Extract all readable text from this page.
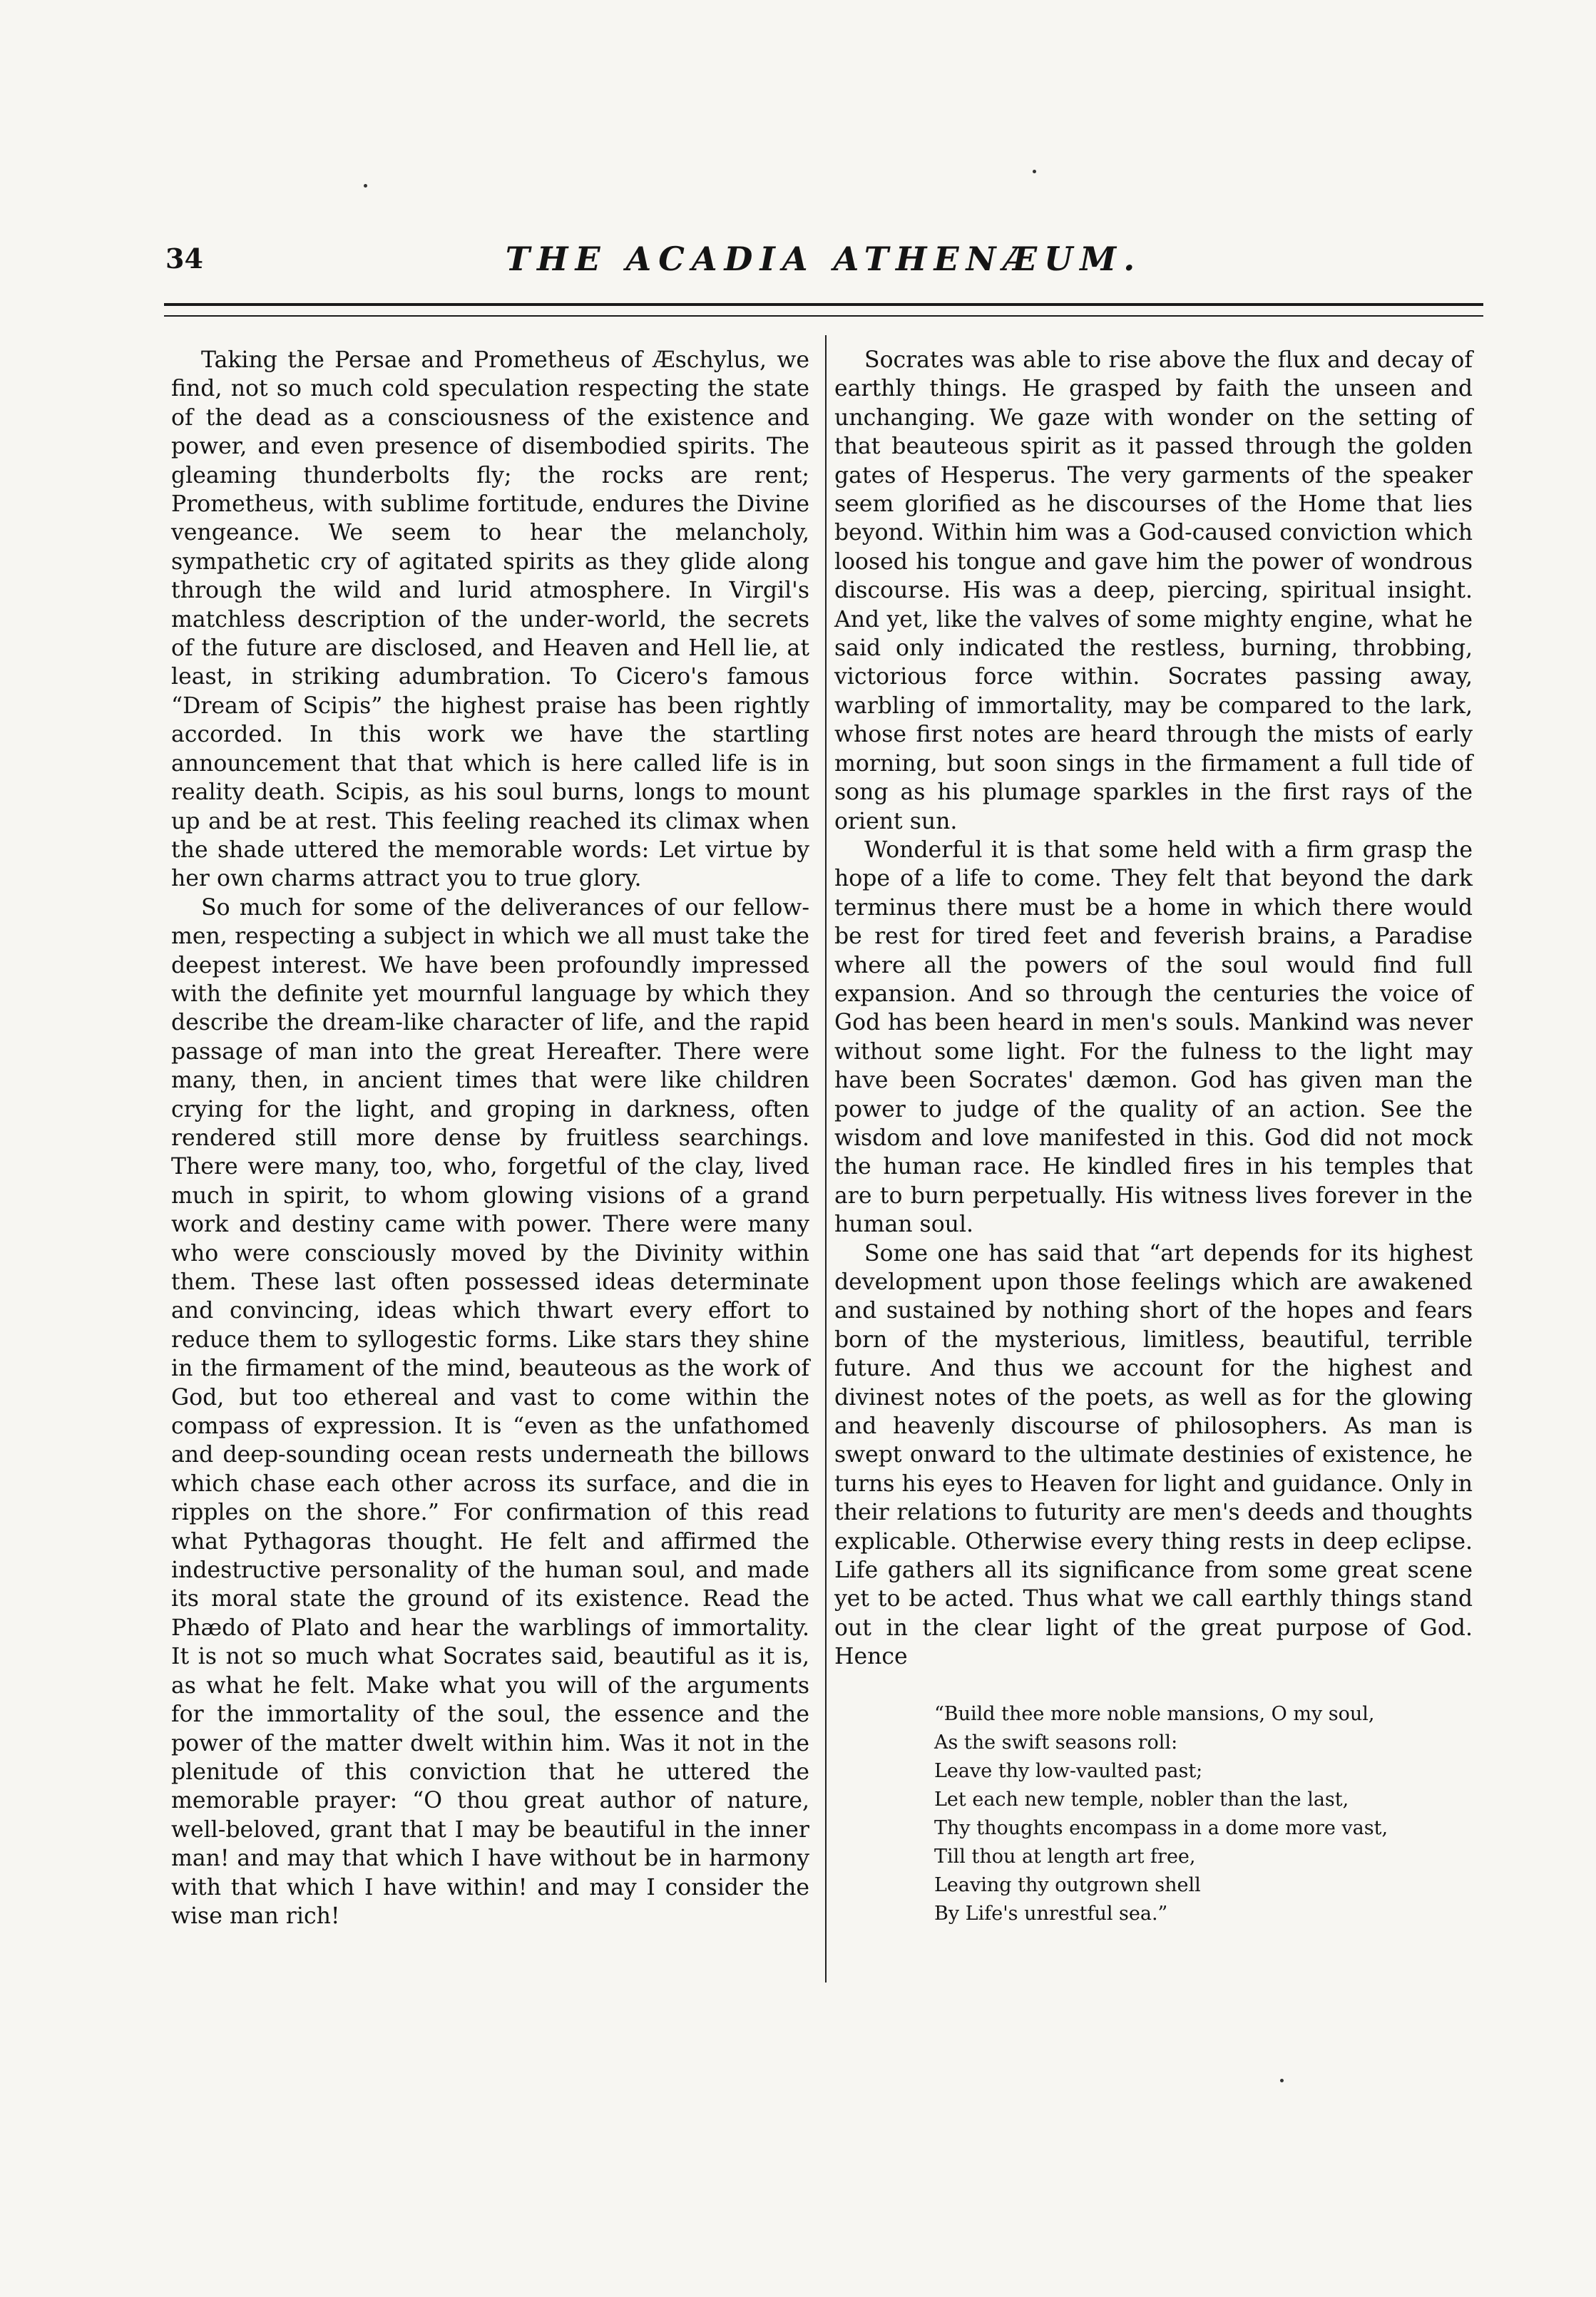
34	THE ACADIA ATHENÆUM.

Taking the Persae and Prometheus of Æschylus, we find, not so much cold speculation respecting the state of the dead as a consciousness of the existence and power, and even presence of disembodied spirits. The gleaming thunderbolts fly; the rocks are rent; Prometheus, with sublime fortitude, endures the Divine vengeance. We seem to hear the melancholy, sympathetic cry of agitated spirits as they glide along through the wild and lurid atmosphere. In Virgil's matchless description of the under-world, the secrets of the future are disclosed, and Heaven and Hell lie, at least, in striking adumbration. To Cicero's famous “Dream of Scipis” the highest praise has been rightly accorded. In this work we have the startling announcement that that which is here called life is in reality death. Scipis, as his soul burns, longs to mount up and be at rest. This feeling reached its climax when the shade uttered the memorable words: Let virtue by her own charms attract you to true glory.

So much for some of the deliverances of our fellow-men, respecting a subject in which we all must take the deepest interest. We have been profoundly impressed with the definite yet mournful language by which they describe the dream-like character of life, and the rapid passage of man into the great Hereafter. There were many, then, in ancient times that were like children crying for the light, and groping in darkness, often rendered still more dense by fruitless searchings. There were many, too, who, forgetful of the clay, lived much in spirit, to whom glowing visions of a grand work and destiny came with power. There were many who were consciously moved by the Divinity within them. These last often possessed ideas determinate and convincing, ideas which thwart every effort to reduce them to syllogestic forms. Like stars they shine in the firmament of the mind, beauteous as the work of God, but too ethereal and vast to come within the compass of expression. It is “even as the unfathomed and deep-sounding ocean rests underneath the billows which chase each other across its surface, and die in ripples on the shore.” For confirmation of this read what Pythagoras thought. He felt and affirmed the indestructive personality of the human soul, and made its moral state the ground of its existence. Read the Phædo of Plato and hear the warblings of immortality. It is not so much what Socrates said, beautiful as it is, as what he felt. Make what you will of the arguments for the immortality of the soul, the essence and the power of the matter dwelt within him. Was it not in the plenitude of this conviction that he uttered the memorable prayer: “O thou great author of nature, well-beloved, grant that I may be beautiful in the inner man! and may that which I have without be in harmony with that which I have within! and may I consider the wise man rich!

Socrates was able to rise above the flux and decay of earthly things. He grasped by faith the unseen and unchanging. We gaze with wonder on the setting of that beauteous spirit as it passed through the golden gates of Hesperus. The very garments of the speaker seem glorified as he discourses of the Home that lies beyond. Within him was a God-caused conviction which loosed his tongue and gave him the power of wondrous discourse. His was a deep, piercing, spiritual insight. And yet, like the valves of some mighty engine, what he said only indicated the restless, burning, throbbing, victorious force within. Socrates passing away, warbling of immortality, may be compared to the lark, whose first notes are heard through the mists of early morning, but soon sings in the firmament a full tide of song as his plumage sparkles in the first rays of the orient sun.

Wonderful it is that some held with a firm grasp the hope of a life to come. They felt that beyond the dark terminus there must be a home in which there would be rest for tired feet and feverish brains, a Paradise where all the powers of the soul would find full expansion. And so through the centuries the voice of God has been heard in men's souls. Mankind was never without some light. For the fulness to the light may have been Socrates' dæmon. God has given man the power to judge of the quality of an action. See the wisdom and love manifested in this. God did not mock the human race. He kindled fires in his temples that are to burn perpetually. His witness lives forever in the human soul.

Some one has said that “art depends for its highest development upon those feelings which are awakened and sustained by nothing short of the hopes and fears born of the mysterious, limitless, beautiful, terrible future. And thus we account for the highest and divinest notes of the poets, as well as for the glowing and heavenly discourse of philosophers. As man is swept onward to the ultimate destinies of existence, he turns his eyes to Heaven for light and guidance. Only in their relations to futurity are men's deeds and thoughts explicable. Otherwise every thing rests in deep eclipse. Life gathers all its significance from some great scene yet to be acted. Thus what we call earthly things stand out in the clear light of the great purpose of God. Hence

“Build thee more noble mansions, O my soul,
As the swift seasons roll:
Leave thy low-vaulted past;
Let each new temple, nobler than the last,
Thy thoughts encompass in a dome more vast,
Till thou at length art free,
Leaving thy outgrown shell
By Life's unrestful sea.”
